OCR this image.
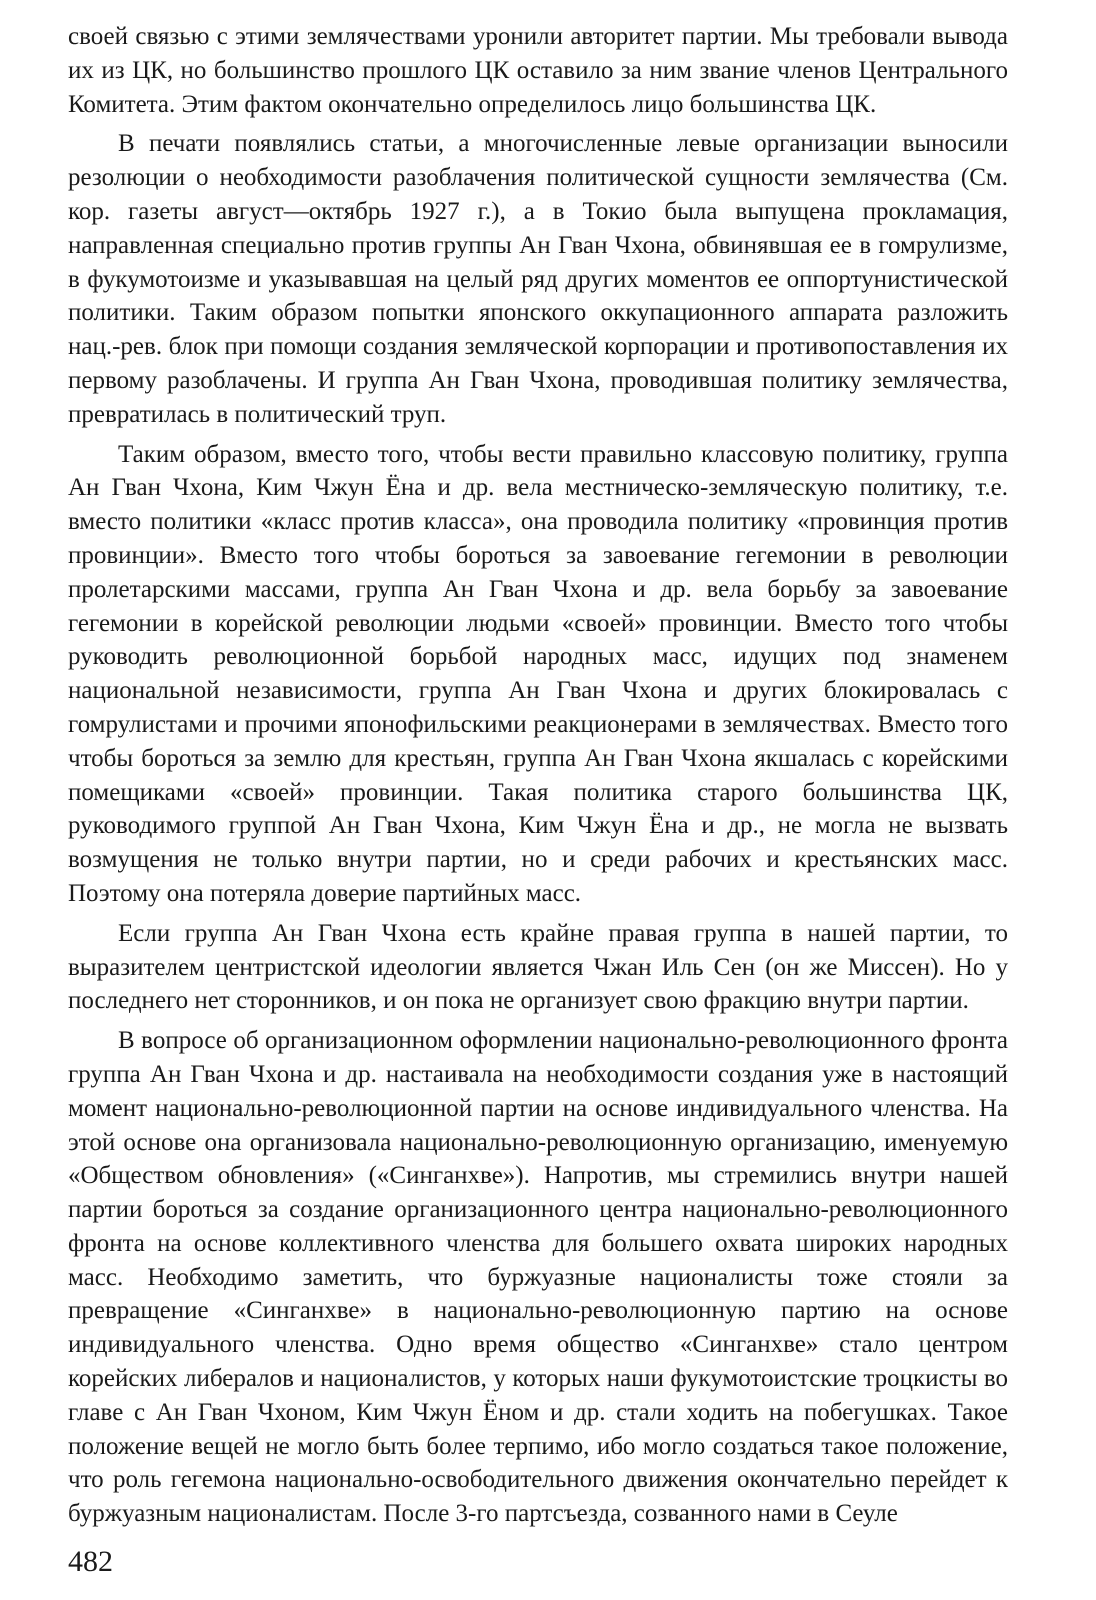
своей связью с этими землячествами уронили авторитет партии. Мы требовали вывода их из ЦК, но большинство прошлого ЦК оставило за ним звание членов Центрального Комитета. Этим фактом окончательно определилось лицо большинства ЦК.

В печати появлялись статьи, а многочисленные левые организации выносили резолюции о необходимости разоблачения политической сущности землячества (См. кор. газеты август—октябрь 1927 г.), а в Токио была выпущена прокламация, направленная специально против группы Ан Гван Чхона, обвинявшая ее в гомрулизме, в фукумотоизме и указывавшая на целый ряд других моментов ее оппортунистической политики. Таким образом попытки японского оккупационного аппарата разложить нац.-рев. блок при помощи создания земляческой корпорации и противопоставления их первому разоблачены. И группа Ан Гван Чхона, проводившая политику землячества, превратилась в политический труп.

Таким образом, вместо того, чтобы вести правильно классовую политику, группа Ан Гван Чхона, Ким Чжун Ёна и др. вела местническо-земляческую политику, т.е. вместо политики «класс против класса», она проводила политику «провинция против провинции». Вместо того чтобы бороться за завоевание гегемонии в революции пролетарскими массами, группа Ан Гван Чхона и др. вела борьбу за завоевание гегемонии в корейской революции людьми «своей» провинции. Вместо того чтобы руководить революционной борьбой народных масс, идущих под знаменем национальной независимости, группа Ан Гван Чхона и других блокировалась с гомрулистами и прочими японофильскими реакционерами в землячествах. Вместо того чтобы бороться за землю для крестьян, группа Ан Гван Чхона якшалась с корейскими помещиками «своей» провинции. Такая политика старого большинства ЦК, руководимого группой Ан Гван Чхона, Ким Чжун Ёна и др., не могла не вызвать возмущения не только внутри партии, но и среди рабочих и крестьянских масс. Поэтому она потеряла доверие партийных масс.

Если группа Ан Гван Чхона есть крайне правая группа в нашей партии, то выразителем центристской идеологии является Чжан Иль Сен (он же Миссен). Но у последнего нет сторонников, и он пока не организует свою фракцию внутри партии.

В вопросе об организационном оформлении национально-революционного фронта группа Ан Гван Чхона и др. настаивала на необходимости создания уже в настоящий момент национально-революционной партии на основе индивидуального членства. На этой основе она организовала национально-революционную организацию, именуемую «Обществом обновления» («Синганхве»). Напротив, мы стремились внутри нашей партии бороться за создание организационного центра национально-революционного фронта на основе коллективного членства для большего охвата широких народных масс. Необходимо заметить, что буржуазные националисты тоже стояли за превращение «Синганхве» в национально-революционную партию на основе индивидуального членства. Одно время общество «Синганхве» стало центром корейских либералов и националистов, у которых наши фукумотоистские троцкисты во главе с Ан Гван Чхоном, Ким Чжун Ёном и др. стали ходить на побегушках. Такое положение вещей не могло быть более терпимо, ибо могло создаться такое положение, что роль гегемона национально-освободительного движения окончательно перейдет к буржуазным националистам. После 3-го партсъезда, созванного нами в Сеуле

482
